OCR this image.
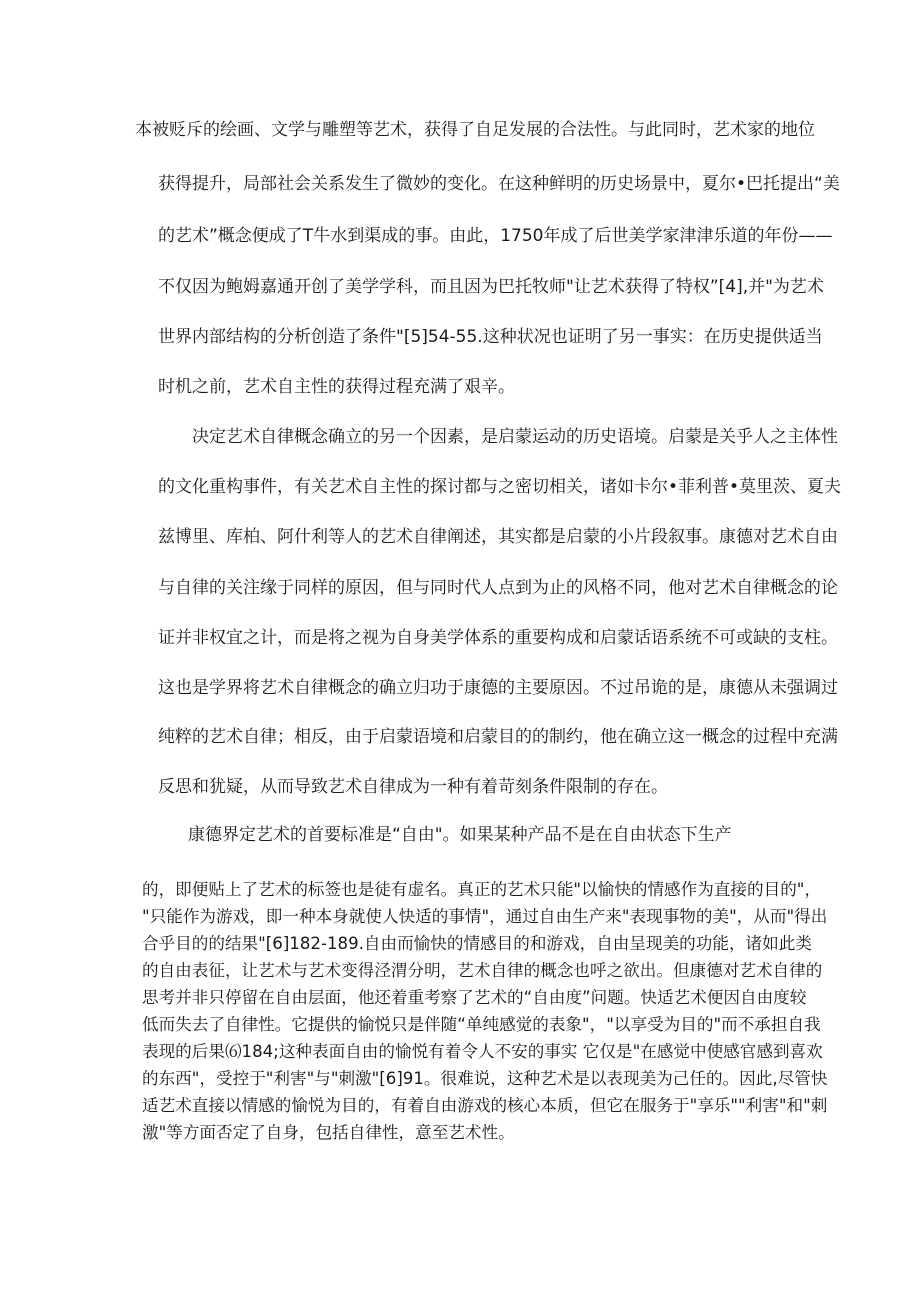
本被贬斥的绘画、文学与雕塑等艺术，获得了自足发展的合法性。与此同时，艺术家的地位
获得提升，局部社会关系发生了微妙的变化。在这种鲜明的历史场景中，夏尔•巴托提出“美
的艺术”概念便成了T牛水到渠成的事。由此，1750年成了后世美学家津津乐道的年份——
不仅因为鲍姆嘉通开创了美学学科，而且因为巴托牧师"让艺术获得了特权”[4],并"为艺术
世界内部结构的分析创造了条件"[5]54-55.这种状况也证明了另一事实：在历史提供适当
时机之前，艺术自主性的获得过程充满了艰辛。
决定艺术自律概念确立的另一个因素，是启蒙运动的历史语境。启蒙是关乎人之主体性
的文化重构事件，有关艺术自主性的探讨都与之密切相关，诸如卡尔•菲利普•莫里茨、夏夫
兹博里、库柏、阿什利等人的艺术自律阐述，其实都是启蒙的小片段叙事。康德对艺术自由
与自律的关注缘于同样的原因，但与同时代人点到为止的风格不同，他对艺术自律概念的论
证并非权宜之计，而是将之视为自身美学体系的重要构成和启蒙话语系统不可或缺的支柱。
这也是学界将艺术自律概念的确立归功于康德的主要原因。不过吊诡的是，康德从未强调过
纯粹的艺术自律；相反，由于启蒙语境和启蒙目的的制约，他在确立这一概念的过程中充满
反思和犹疑，从而导致艺术自律成为一种有着苛刻条件限制的存在。
康德界定艺术的首要标准是“自由"。如果某种产品不是在自由状态下生产
的，即便贴上了艺术的标签也是徒有虚名。真正的艺术只能"以愉快的情感作为直接的目的"，
"只能作为游戏，即一种本身就使人快适的事情"，通过自由生产来"表现事物的美"，从而"得出
合乎目的的结果"[6]182-189.自由而愉快的情感目的和游戏，自由呈现美的功能，诸如此类
的自由表征，让艺术与艺术变得泾渭分明，艺术自律的概念也呼之欲出。但康德对艺术自律的
思考并非只停留在自由层面，他还着重考察了艺术的“自由度”问题。快适艺术便因自由度较
低而失去了自律性。它提供的愉悦只是伴随“单纯感觉的表象"，"以享受为目的"而不承担自我
表现的后果⑹184;这种表面自由的愉悦有着令人不安的事实 它仅是"在感觉中使感官感到喜欢
的东西"，受控于"利害"与"刺激"[6]91。很难说，这种艺术是以表现美为己任的。因此,尽管快
适艺术直接以情感的愉悦为目的，有着自由游戏的核心本质，但它在服务于"享乐""利害"和"刺
激"等方面否定了自身，包括自律性，意至艺术性。
